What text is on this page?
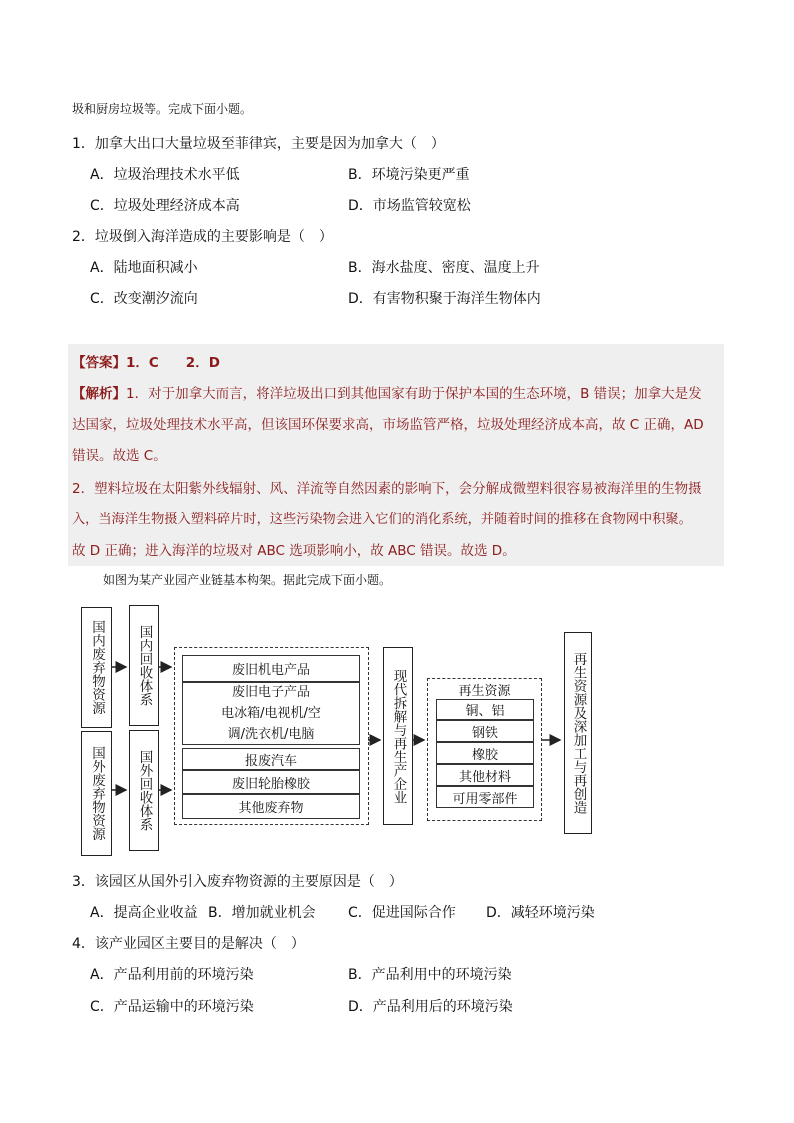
圾和厨房垃圾等。完成下面小题。
1．加拿大出口大量垃圾至菲律宾，主要是因为加拿大（　）
A．垃圾治理技术水平低	B．环境污染更严重
C．垃圾处理经济成本高	D．市场监管较宽松
2．垃圾倒入海洋造成的主要影响是（　）
A．陆地面积减小	B．海水盐度、密度、温度上升
C．改变潮汐流向	D．有害物积聚于海洋生物体内
【答案】1．C　　2．D
【解析】1．对于加拿大而言，将洋垃圾出口到其他国家有助于保护本国的生态环境，B 错误；加拿大是发
达国家，垃圾处理技术水平高，但该国环保要求高，市场监管严格，垃圾处理经济成本高，故 C 正确，AD
错误。故选 C。
2．塑料垃圾在太阳紫外线辐射、风、洋流等自然因素的影响下，会分解成微塑料很容易被海洋里的生物摄
入，当海洋生物摄入塑料碎片时，这些污染物会进入它们的消化系统，并随着时间的推移在食物网中积聚。
故 D 正确；进入海洋的垃圾对 ABC 选项影响小，故 ABC 错误。故选 D。
如图为某产业园产业链基本构架。据此完成下面小题。
国内废弃物资源
国外废弃物资源
国内回收体系
国外回收体系
废旧机电产品
废旧电子产品
电冰箱/电视机/空
调/洗衣机/电脑
报废汽车
废旧轮胎橡胶
其他废弃物
现代拆解与再生产企业	再生资源
铜、铝
钢铁
橡胶
其他材料
可用零部件	再生资源及深加工与再创造
3．该园区从国外引入废弃物资源的主要原因是（　）
A．提高企业收益 B．增加就业机会 C．促进国际合作 D．减轻环境污染
4．该产业园区主要目的是解决（　）
A．产品利用前的环境污染	B．产品利用中的环境污染
C．产品运输中的环境污染	D．产品利用后的环境污染
